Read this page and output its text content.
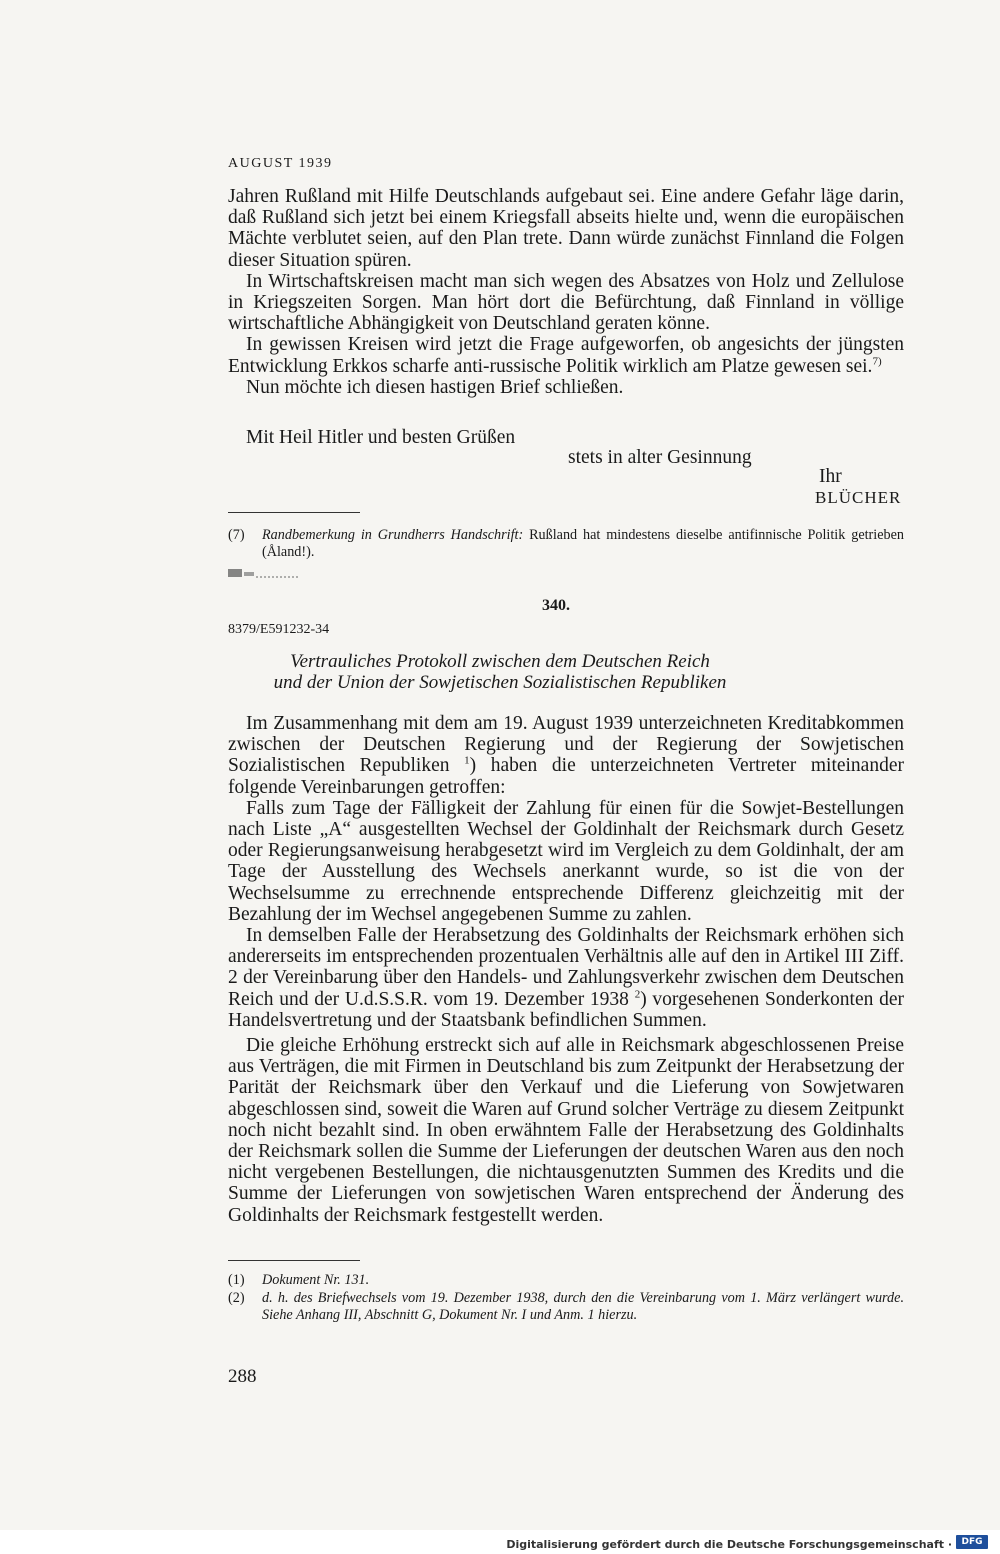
AUGUST 1939

Jahren Rußland mit Hilfe Deutschlands aufgebaut sei. Eine andere Gefahr läge darin, daß Rußland sich jetzt bei einem Kriegsfall abseits hielte und, wenn die europäischen Mächte verblutet seien, auf den Plan trete. Dann würde zunächst Finnland die Folgen dieser Situation spüren.

In Wirtschaftskreisen macht man sich wegen des Absatzes von Holz und Zellulose in Kriegszeiten Sorgen. Man hört dort die Befürchtung, daß Finnland in völlige wirtschaftliche Abhängigkeit von Deutschland geraten könne.

In gewissen Kreisen wird jetzt die Frage aufgeworfen, ob angesichts der jüngsten Entwicklung Erkkos scharfe anti-russische Politik wirklich am Platze gewesen sei.$^{7)}$

Nun möchte ich diesen hastigen Brief schließen.

Mit Heil Hitler und besten Grüßen
stets in alter Gesinnung
Ihr
BLÜCHER
(7) Randbemerkung in Grundherrs Handschrift: Rußland hat mindestens dieselbe antifinnische Politik getrieben (Åland!).
340.
8379/E591232-34
Vertrauliches Protokoll zwischen dem Deutschen Reich
und der Union der Sowjetischen Sozialistischen Republiken

Im Zusammenhang mit dem am 19. August 1939 unterzeichneten Kreditabkommen zwischen der Deutschen Regierung und der Regierung der Sowjetischen Sozialistischen Republiken $^1$) haben die unterzeichneten Vertreter miteinander folgende Vereinbarungen getroffen:

Falls zum Tage der Fälligkeit der Zahlung für einen für die Sowjet-Bestellungen nach Liste „A“ ausgestellten Wechsel der Goldinhalt der Reichsmark durch Gesetz oder Regierungsanweisung herabgesetzt wird im Vergleich zu dem Goldinhalt, der am Tage der Ausstellung des Wechsels anerkannt wurde, so ist die von der Wechselsumme zu errechnende entsprechende Differenz gleichzeitig mit der Bezahlung der im Wechsel angegebenen Summe zu zahlen.

In demselben Falle der Herabsetzung des Goldinhalts der Reichsmark erhöhen sich andererseits im entsprechenden prozentualen Verhältnis alle auf den in Artikel III Ziff. 2 der Vereinbarung über den Handels- und Zahlungsverkehr zwischen dem Deutschen Reich und der U.d.S.S.R. vom 19. Dezember 1938 $^2$) vorgesehenen Sonderkonten der Handelsvertretung und der Staatsbank befindlichen Summen.

Die gleiche Erhöhung erstreckt sich auf alle in Reichsmark abgeschlossenen Preise aus Verträgen, die mit Firmen in Deutschland bis zum Zeitpunkt der Herabsetzung der Parität der Reichsmark über den Verkauf und die Lieferung von Sowjetwaren abgeschlossen sind, soweit die Waren auf Grund solcher Verträge zu diesem Zeitpunkt noch nicht bezahlt sind. In oben erwähntem Falle der Herabsetzung des Goldinhalts der Reichsmark sollen die Summe der Lieferungen der deutschen Waren aus den noch nicht vergebenen Bestellungen, die nichtausgenutzten Summen des Kredits und die Summe der Lieferungen von sowjetischen Waren entsprechend der Änderung des Goldinhalts der Reichsmark festgestellt werden.

(1) Dokument Nr. 131.
(2) d. h. des Briefwechsels vom 19. Dezember 1938, durch den die Vereinbarung vom 1. März verlängert wurde. Siehe Anhang III, Abschnitt G, Dokument Nr. I und Anm. 1 hierzu.
288
Digitalisierung gefördert durch die Deutsche Forschungsgemeinschaft ·	DFG
